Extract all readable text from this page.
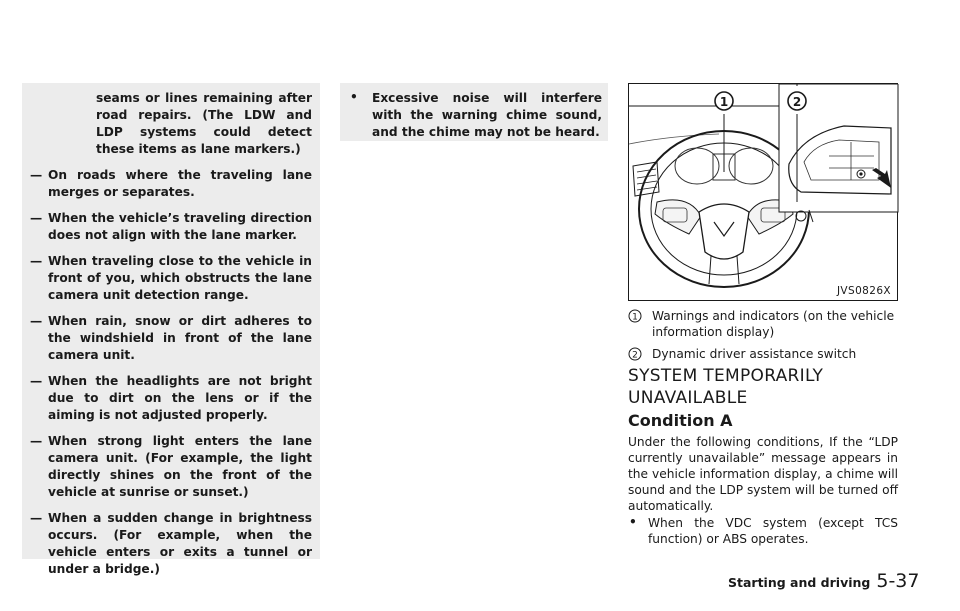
seams or lines remaining after road repairs. (The LDW and LDP systems could detect these items as lane markers.)

— On roads where the traveling lane merges or separates.
— When the vehicle’s traveling direction does not align with the lane marker.
— When traveling close to the vehicle in front of you, which obstructs the lane camera unit detection range.
— When rain, snow or dirt adheres to the windshield in front of the lane camera unit.
— When the headlights are not bright due to dirt on the lens or if the aiming is not adjusted properly.
— When strong light enters the lane camera unit. (For example, the light directly shines on the front of the vehicle at sunrise or sunset.)
— When a sudden change in brightness occurs. (For example, when the vehicle enters or exits a tunnel or under a bridge.)

• Excessive noise will interfere with the warning chime sound, and the chime may not be heard.

1	2
JVS0826X
1 Warnings and indicators (on the vehicle information display)
2 Dynamic driver assistance switch
SYSTEM TEMPORARILY UNAVAILABLE
Condition A

Under the following conditions, If the “LDP currently unavailable” message appears in the vehicle information display, a chime will sound and the LDP system will be turned off automatically.

• When the VDC system (except TCS function) or ABS operates.

Starting and driving 5-37
